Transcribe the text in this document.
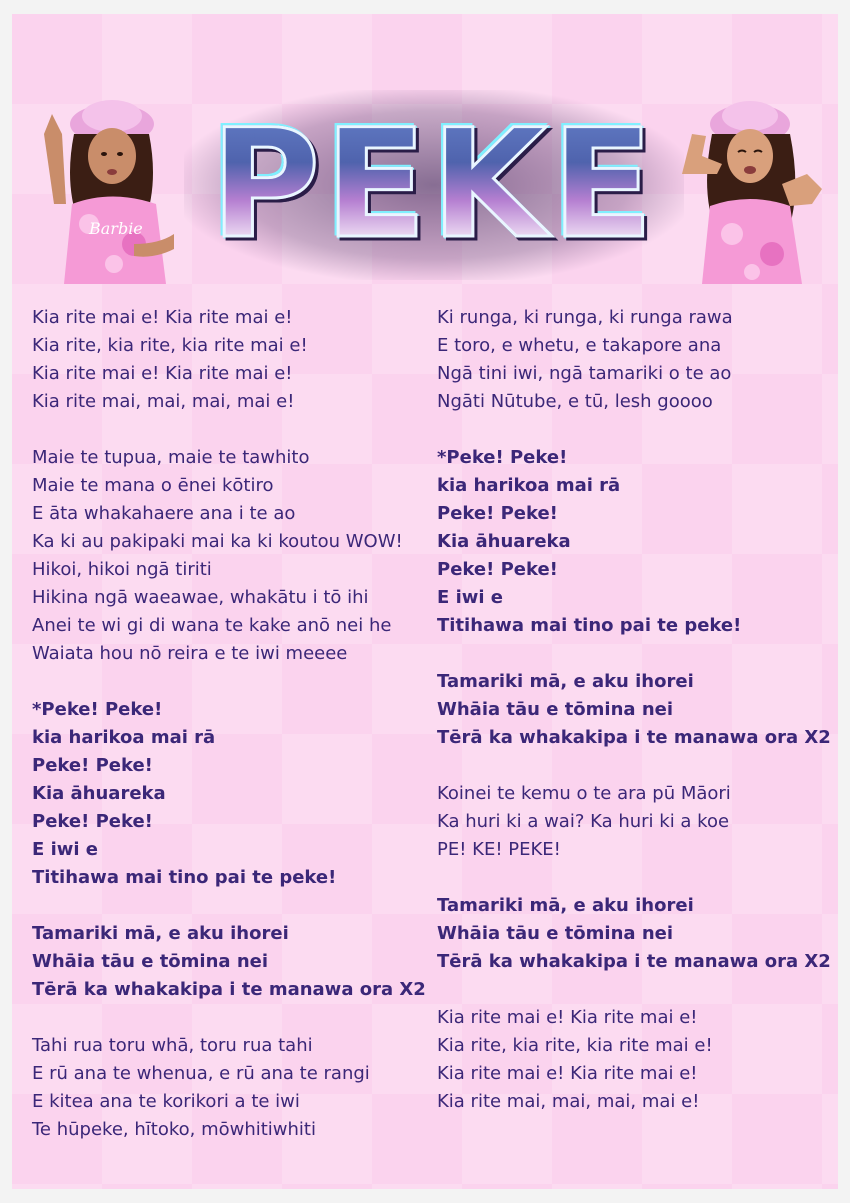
Barbie PEKE
Kia rite mai e! Kia rite mai e!
Kia rite, kia rite, kia rite mai e!
Kia rite mai e! Kia rite mai e!
Kia rite mai, mai, mai, mai e!
Maie te tupua, maie te tawhito
Maie te mana o ēnei kōtiro
E āta whakahaere ana i te ao
Ka ki au pakipaki mai ka ki koutou WOW!
Hikoi, hikoi ngā tiriti
Hikina ngā waeawae, whakātu i tō ihi
Anei te wi gi di wana te kake anō nei he
Waiata hou nō reira e te iwi meeee
*Peke! Peke!
kia harikoa mai rā
Peke! Peke!
Kia āhuareka
Peke! Peke!
E iwi e
Titihawa mai tino pai te peke!
Tamariki mā, e aku ihorei
Whāia tāu e tōmina nei
Tērā ka whakakipa i te manawa ora X2
Tahi rua toru whā, toru rua tahi
E rū ana te whenua, e rū ana te rangi
E kitea ana te korikori a te iwi
Te hūpeke, hītoko, mōwhitiwhiti
Ki runga, ki runga, ki runga rawa
E toro, e whetu, e takapore ana
Ngā tini iwi, ngā tamariki o te ao
Ngāti Nūtube, e tū, lesh goooo
*Peke! Peke!
kia harikoa mai rā
Peke! Peke!
Kia āhuareka
Peke! Peke!
E iwi e
Titihawa mai tino pai te peke!
Tamariki mā, e aku ihorei
Whāia tāu e tōmina nei
Tērā ka whakakipa i te manawa ora X2
Koinei te kemu o te ara pū Māori
Ka huri ki a wai? Ka huri ki a koe
PE! KE! PEKE!
Tamariki mā, e aku ihorei
Whāia tāu e tōmina nei
Tērā ka whakakipa i te manawa ora X2
Kia rite mai e! Kia rite mai e!
Kia rite, kia rite, kia rite mai e!
Kia rite mai e! Kia rite mai e!
Kia rite mai, mai, mai, mai e!
